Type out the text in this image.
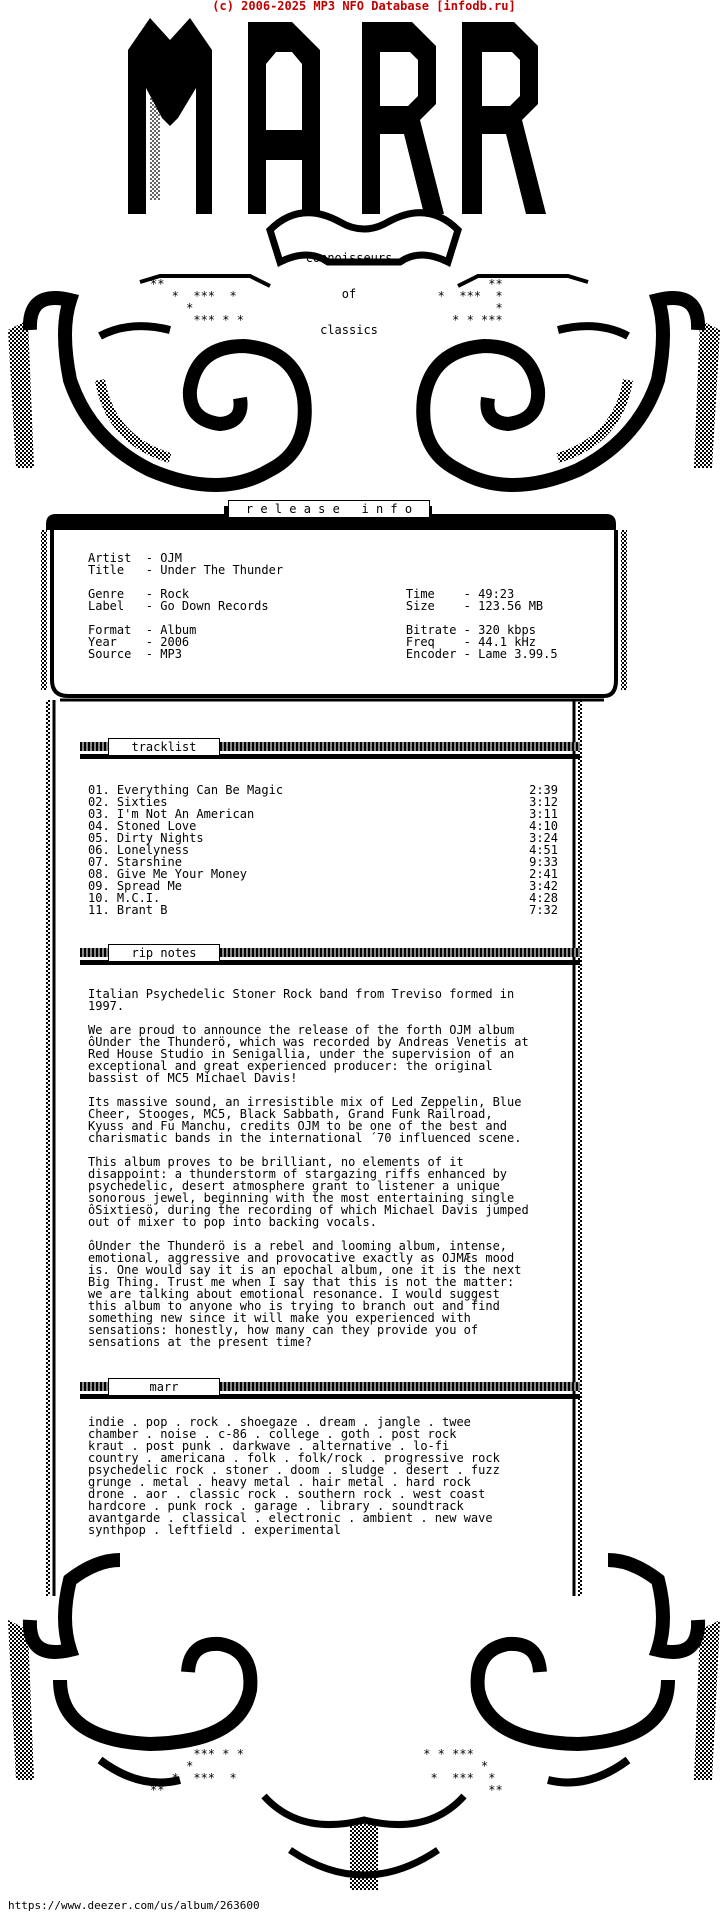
(c) 2006-2025 MP3 NFO Database [infodb.ru]
**
*  ***  *
*
*** * *
**
*  ***  *
*
* * ***
*** * *
*
*  ***  *
**
* * ***
*
*  ***  *
**

connoisseurs

of

classics

r e l e a s e   i n f o
Artist  - OJM
Title   - Under The Thunder
Genre   - Rock                              Time    - 49:23
Label   - Go Down Records                   Size    - 123.56 MB
Format  - Album                             Bitrate - 320 kbps
Year    - 2006                              Freq    - 44.1 kHz
Source  - MP3                               Encoder - Lame 3.99.5
tracklist
01. Everything Can Be Magic	2:39
02. Sixties	3:12
03. I'm Not An American	3:11
04. Stoned Love	4:10
05. Dirty Nights	3:24
06. Lonelyness	4:51
07. Starshine	9:33
08. Give Me Your Money	2:41
09. Spread Me	3:42
10. M.C.I.	4:28
11. Brant B	7:32
rip notes
Italian Psychedelic Stoner Rock band from Treviso formed in
1997.
We are proud to announce the release of the forth OJM album
ôUnder the Thunderö, which was recorded by Andreas Venetis at
Red House Studio in Senigallia, under the supervision of an
exceptional and great experienced producer: the original
bassist of MC5 Michael Davis!
Its massive sound, an irresistible mix of Led Zeppelin, Blue
Cheer, Stooges, MC5, Black Sabbath, Grand Funk Railroad,
Kyuss and Fu Manchu, credits OJM to be one of the best and
charismatic bands in the international ´70 influenced scene.
This album proves to be brilliant, no elements of it
disappoint: a thunderstorm of stargazing riffs enhanced by
psychedelic, desert atmosphere grant to listener a unique
sonorous jewel, beginning with the most entertaining single
ôSixtiesö, during the recording of which Michael Davis jumped
out of mixer to pop into backing vocals.
ôUnder the Thunderö is a rebel and looming album, intense,
emotional, aggressive and provocative exactly as OJMÆs mood
is. One would say it is an epochal album, one it is the next
Big Thing. Trust me when I say that this is not the matter:
we are talking about emotional resonance. I would suggest
this album to anyone who is trying to branch out and find
something new since it will make you experienced with
sensations: honestly, how many can they provide you of
sensations at the present time?
marr
indie . pop . rock . shoegaze . dream . jangle . twee
chamber . noise . c-86 . college . goth . post rock
kraut . post punk . darkwave . alternative . lo-fi
country . americana . folk . folk/rock . progressive rock
psychedelic rock . stoner . doom . sludge . desert . fuzz
grunge . metal . heavy metal . hair metal . hard rock
drone . aor . classic rock . southern rock . west coast
hardcore . punk rock . garage . library . soundtrack
avantgarde . classical . electronic . ambient . new wave
synthpop . leftfield . experimental
https://www.deezer.com/us/album/263600
